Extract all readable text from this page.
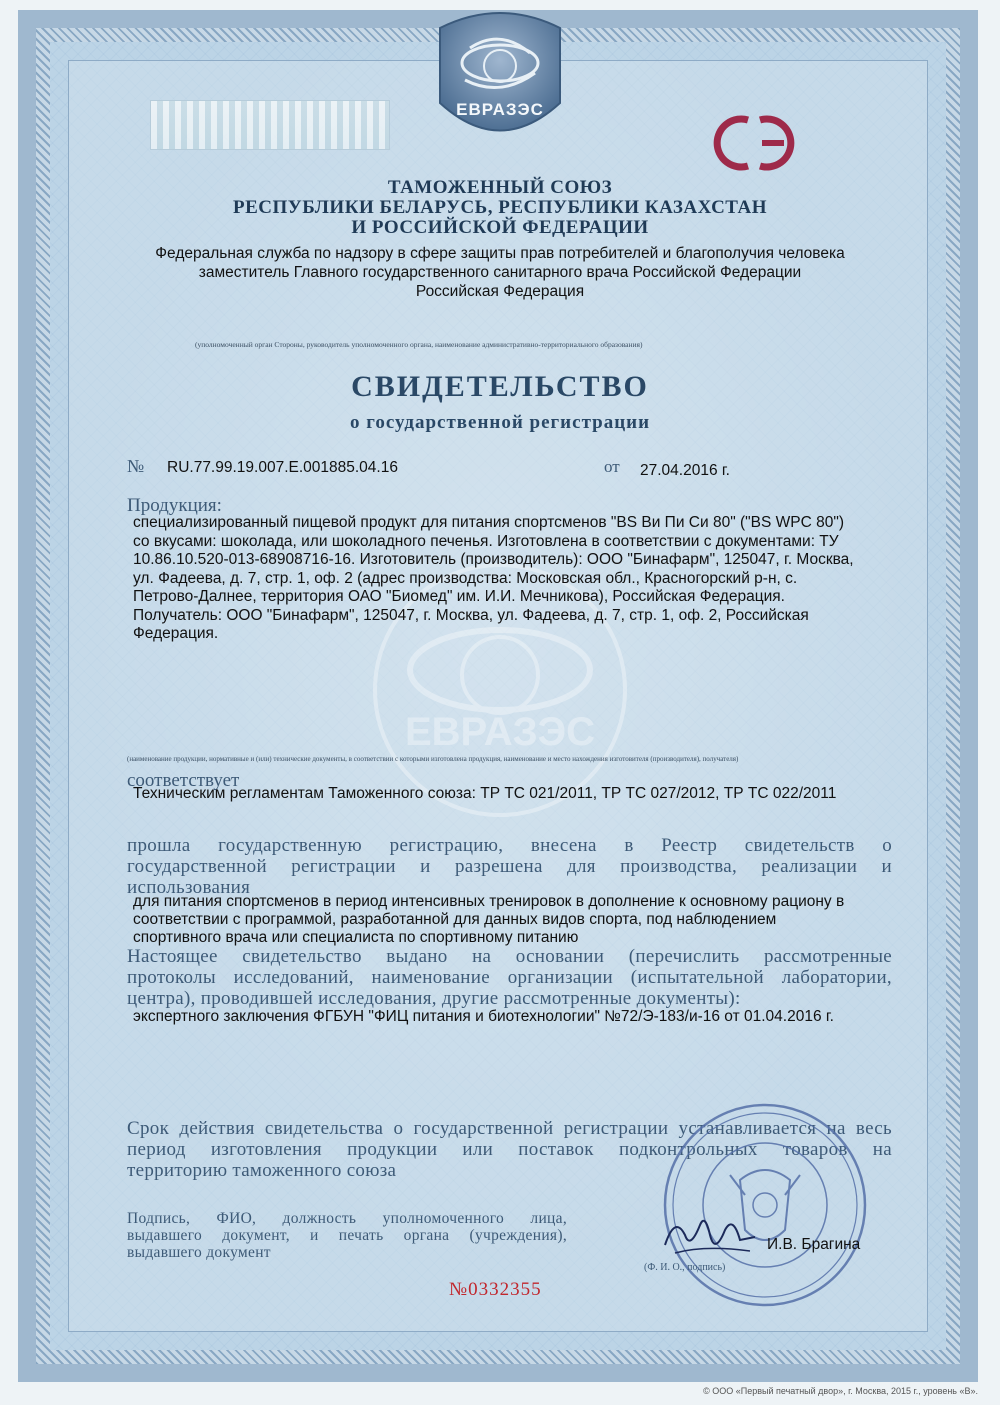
ЕВРАЗЭС
ТАМОЖЕННЫЙ СОЮЗ
РЕСПУБЛИКИ БЕЛАРУСЬ, РЕСПУБЛИКИ КАЗАХСТАН
И РОССИЙСКОЙ ФЕДЕРАЦИИ
Федеральная служба по надзору в сфере защиты прав потребителей и благополучия человека
заместитель Главного государственного санитарного врача Российской Федерации
Российская Федерация
(уполномоченный орган Стороны, руководитель уполномоченного органа, наименование административно-территориального образования)
СВИДЕТЕЛЬСТВО
о государственной регистрации
№ RU.77.99.19.007.Е.001885.04.16	от 27.04.2016 г.
ЕВРАЗЭС
Продукция:
специализированный пищевой продукт для питания спортсменов "BS Ви Пи Си 80" ("BS WPC 80")
со вкусами: шоколада, или шоколадного печенья. Изготовлена в соответствии с документами: ТУ
10.86.10.520-013-68908716-16. Изготовитель (производитель): ООО "Бинафарм", 125047, г. Москва,
ул. Фадеева, д. 7, стр. 1, оф. 2 (адрес производства: Московская обл., Красногорский р-н, с.
Петрово-Далнее, территория ОАО "Биомед" им. И.И. Мечникова), Российская Федерация.
Получатель: ООО "Бинафарм", 125047, г. Москва, ул. Фадеева, д. 7, стр. 1, оф. 2, Российская
Федерация.
(наименование продукции, нормативные и (или) технические документы, в соответствии с которыми изготовлена продукция, наименование и место нахождения изготовителя (производителя), получателя)
соответствует
Техническим регламентам Таможенного союза: ТР ТС 021/2011, ТР ТС 027/2012, ТР ТС 022/2011
прошла государственную регистрацию, внесена в Реестр свидетельств о
государственной регистрации и разрешена для производства, реализации и
использования
для питания спортсменов в период интенсивных тренировок в дополнение к основному рациону в
соответствии с программой, разработанной для данных видов спорта, под наблюдением
спортивного врача или специалиста по спортивному питанию
Настоящее свидетельство выдано на основании (перечислить рассмотренные
протоколы исследований, наименование организации (испытательной лаборатории,
центра), проводившей исследования, другие рассмотренные документы):
экспертного заключения ФГБУН "ФИЦ питания и биотехнологии" №72/Э-183/и-16 от 01.04.2016 г.
Срок действия свидетельства о государственной регистрации устанавливается на весь
период изготовления продукции или поставок подконтрольных товаров на
территорию таможенного союза
Подпись, ФИО, должность уполномоченного лица,
выдавшего документ, и печать органа (учреждения),
выдавшего документ	И.В. Брагина
(Ф. И. О., подпись)
№0332355
© ООО «Первый печатный двор», г. Москва, 2015 г., уровень «В».
